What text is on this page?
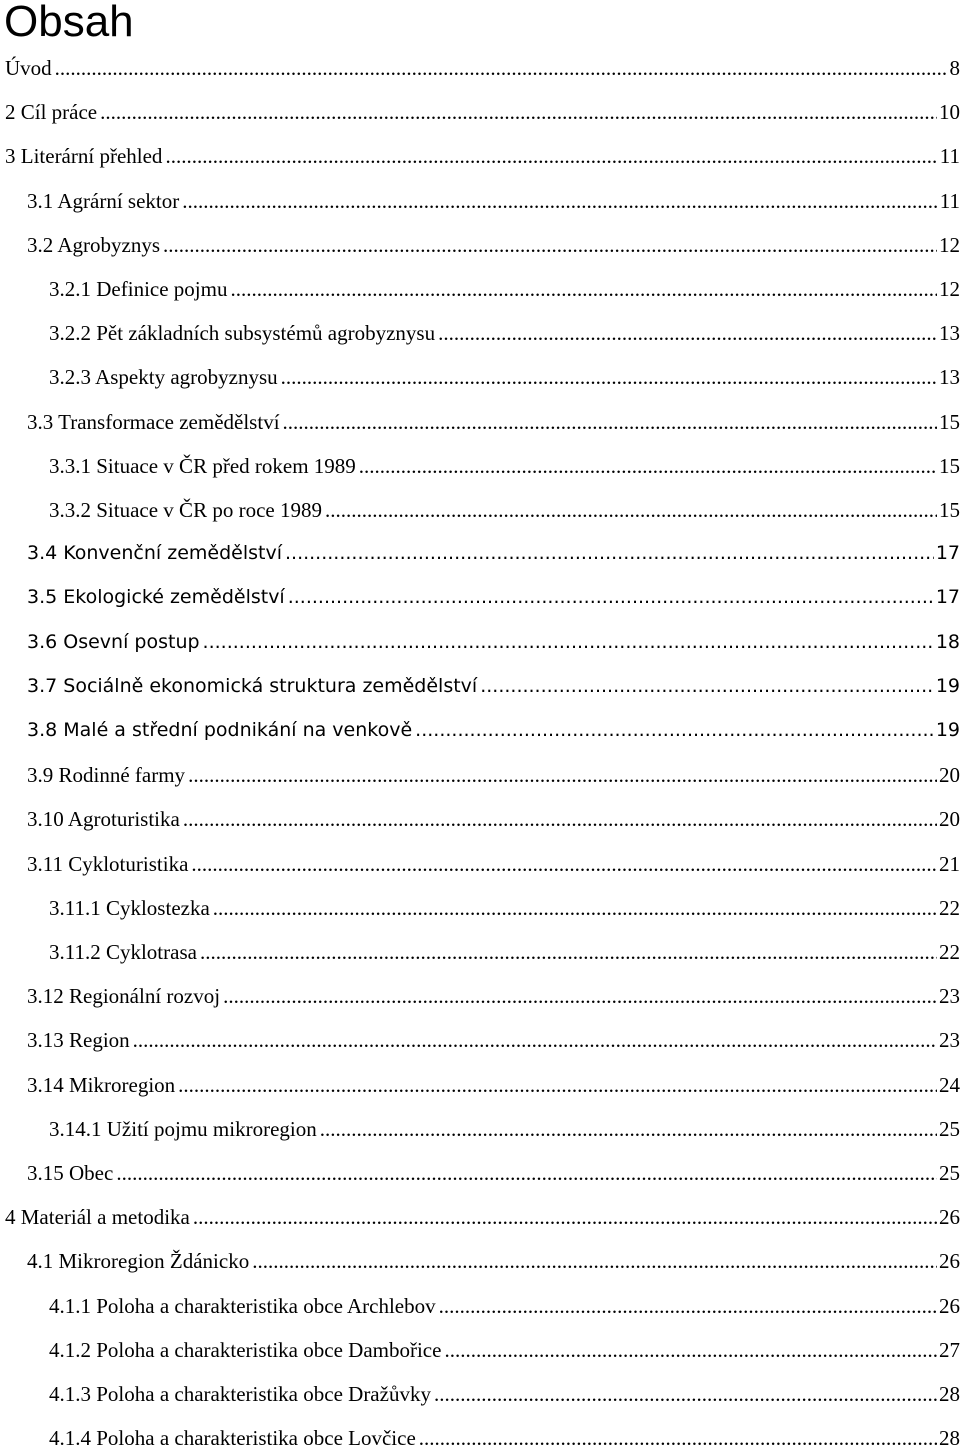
Obsah
Úvod .....	8
2 Cíl práce .....	10
3 Literární přehled .....	11
3.1 Agrární sektor .....	11
3.2 Agrobyznys .....	12
3.2.1 Definice pojmu .....	12
3.2.2 Pět základních subsystémů agrobyznysu .....	13
3.2.3 Aspekty agrobyznysu .....	13
3.3 Transformace zemědělství .....	15
3.3.1 Situace v ČR před rokem 1989 .....	15
3.3.2 Situace v ČR po roce 1989 .....	15
3.4 Konvenční zemědělství .....	17
3.5 Ekologické zemědělství .....	17
3.6 Osevní postup .....	18
3.7 Sociálně ekonomická struktura zemědělství .....	19
3.8 Malé a střední podnikání na venkově .....	19
3.9 Rodinné farmy .....	20
3.10 Agroturistika .....	20
3.11 Cykloturistika .....	21
3.11.1 Cyklostezka .....	22
3.11.2 Cyklotrasa .....	22
3.12 Regionální rozvoj .....	23
3.13 Region .....	23
3.14 Mikroregion .....	24
3.14.1 Užití pojmu mikroregion .....	25
3.15 Obec .....	25
4 Materiál a metodika .....	26
4.1 Mikroregion Ždánicko .....	26
4.1.1 Poloha a charakteristika obce Archlebov .....	26
4.1.2 Poloha a charakteristika obce Dambořice .....	27
4.1.3 Poloha a charakteristika obce Dražůvky .....	28
4.1.4 Poloha a charakteristika obce Lovčice .....	28
